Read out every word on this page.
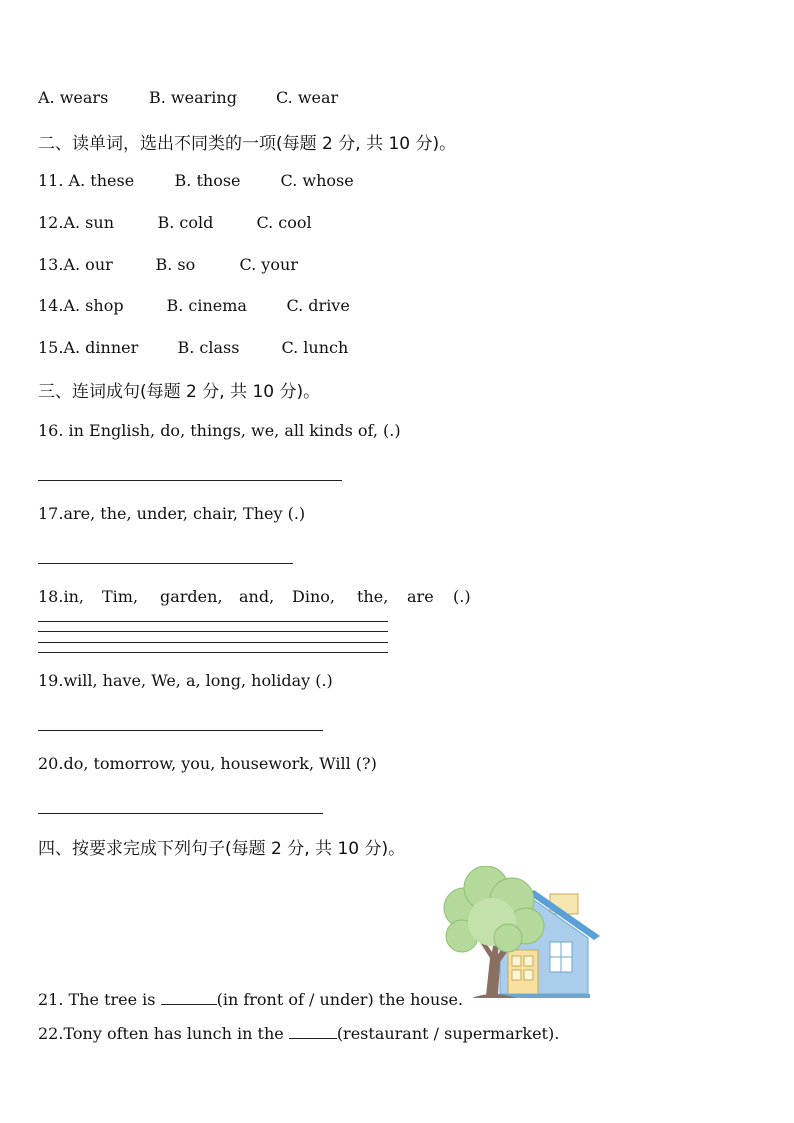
A. wears	B. wearing C. wear
二、读单词，选出不同类的一项(每题 2 分, 共 10 分)。
11. A. these	B. those	C. whose
12.A. sun	B. cold	C. cool
13.A. our	B. so	C. your
14.A. shop	B. cinema C. drive
15.A. dinner B. class	C. lunch
三、连词成句(每题 2 分, 共 10 分)。
16. in English, do, things, we, all kinds of, (.)
17.are, the, under, chair, They (.)
18.in, Tim, garden, and, Dino, the, are (.)
19.will, have, We, a, long, holiday (.)
20.do, tomorrow, you, housework, Will (?)
四、按要求完成下列句子(每题 2 分, 共 10 分)。
21. The tree is	(in front of / under) the house.
22.Tony often has lunch in the	(restaurant / supermarket).
